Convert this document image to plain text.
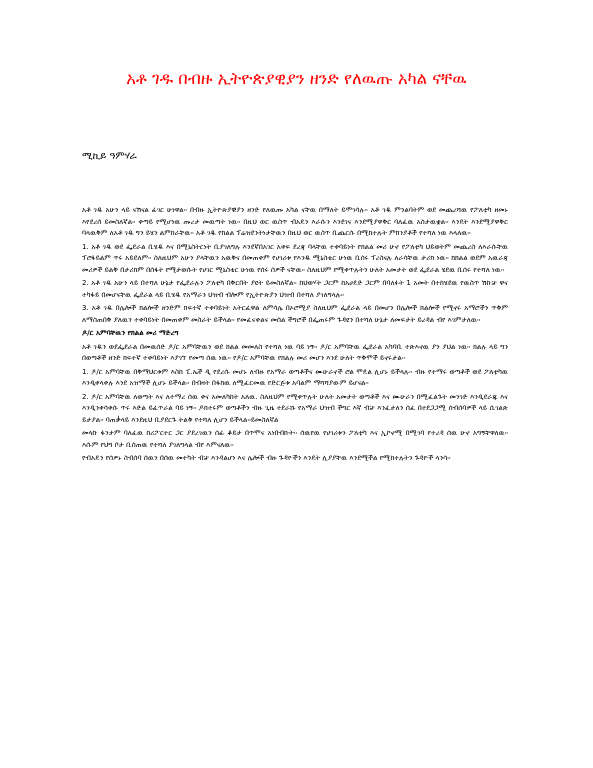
አቶ ገዱ በብዙ ኢትዮጵያዊያን ዘንድ የለዉጡ አካል ናቸዉ
ሚኪይ ዓምሃራ

አቶ ገዱ አሁን ላይ ናሽናል ፊገር ሁነዋል፡፡ በብዙ ኢትዮጵያዊያን ዘንድ የለዉጡ አካል ናቸዉ በማለት ይሞገሳሉ፡፡ አቶ ገዱ ምንልባትም ወደ መጨረሻዉ የፖለቲካ ዘመኑ እየደረሰ ይመስለኛል፡፡ ቀጣይ የሚሆነዉ ጡረታ መዉጣት ነዉ፡፡ በዚህ ወር ዉስጥ ብአዴን እራሱን እንደገና እንደሚያዋቅር ባለፈዉ አስታዉቋል፡፡ እንዴት እንደሚያዋቅር ባላዉቅም ለአቶ ገዱ ግን ይሄን ልምከራቸዉ፡፡ አቶ ገዱ የክልል ፕሬዝደንትነታቸዉን በዚህ ወር ዉስጥ ቢጨርሱ በሚከተሉት ምክንያቶች የተሻለ ነዉ እላለዉ፡፡

1. አቶ ገዱ ወደ ፌደራል ቢሄዱ እና በሚኒስትርነት ቢያገለግሉ እንደኛበአገር አቀፍ ደረጃ ባላቸዉ ተቀባይነት የክልል መሪ ሁኖ የፖለቲካ ህይወትም መጨረስ ለእራሱቸዉ ፕሮፋይልም ጥሩ አይደለም፡፡ ስለዚህም አሁን ያላቸዉን አዉቅና በመጠቀም የሀገሪቱ የእንዱ ሚኒስቴር ሁነዉ ቢሰሩ ፕረስናሉ ለራሳቸዉ ታሪክ ነዉ፡፡ ክክልል ወደም አዉራጃ መሪዎች ይልቅ በታሪክም በሰፋት የሚታወሱት የሀገር ሚኒስቴር ሁነዉ የሰሩ ሰዎች ናቸዉ፡፡ ስለዚህም የሚቀጥሉትን ሁለት አመታት ወደ ፌደራል ሄደዉ ቢሰሩ የተሻለ ነዉ፡፡

2. አቶ ገዱ አሁን ላይ በተሻለ ሁኔታ የፌደራሉን ፖለቲካ በቅርበት ያዩት ይመስለኛል፡፡ ከህወሃት ጋርም ከአሀዴድ ጋርም በባለፉት 1 አመት በተከሄደዉ የዉስጥ ሽኩቻ ዋና ተካፋይ በመሆናቸዉ ፌደራል ላይ ቢሄዱ የአማራን ህዝብ ብሎም የኢትዮጵያን ህዝብ በተሻለ ያገለግላሉ፡፡

3. አቶ ገዱ በሌሎች ክልሎች ዘንድም ክፍተኛ ተቀባይነት አትርፈዋል ለምሳሌ በኦሮሚያ ስለዚህም ፌደራል ላይ በመሆን በሌሎች ክልሎች የሚኖሩ አማሮችን ጥቅም ለማስጠበቅ ያለዉን ተቀባይነት በመጠቀም መስራት ይችላል፡፡ የመፈናቀልና መሰል ችግሮች በፌጠሩም ጉዳዩን በተሻለ ሁኔታ ለመፍታት ይረዳል ብየ እገምታለዉ፡፡

ዶ/ር አምባቸዉን የክልል መሪ ማድረግ

አቶ ገዱን ወደፌደራል በመዉሰድ ዶ/ር አምባቸዉን ወደ ክልል መመለስ የተሻለ ነዉ ባይ ነኝ፡፡ ዶ/ር አምባቸዉ ፌደራል አካባቢ ተጽእኖዉ ያን ያህል ነዉ፡፡ ክልሉ ላይ ግን በወጣቶች ዘንድ ክፍተኛ ተቀባይነት እያገኘ የመጣ ሰዉ ነዉ፡፡ የዶ/ር አምባቸዉ የክልሉ መሪ መሆን እንደ ሁለት ጥቅሞች ይኖሩታል፡፡

1. ዶ/ር አምባቸዉ በቅማህርቱም እስከ ፒ.ኤች ዲ የደረሱ መሆኑ ለብዙ የአማራ ወጣቶችና ሙሁራኖች ሮል ሞዴል ሊሆኑ ይችላሉ፡፡ ብዙ የተማሩ ወጣቶች ወደ ፖለቲካዉ እንዲቀላቀሉ እንደ አዝማች ሊሆኑ ይችላል፡፡ በብዛት በፋክዉ ለሚፈርመዉ የድርጅቱ አባልም ማሻሻያውም ይሆናል፡፡

2. ዶ/ር አምባቸዉ ለወጣት እና ለተማረ ሰዉ ቀና አመለካከት አለዉ. ስለዚህም የሚቀጥሉት ሁለት አመታት ወጣቶች እና ሙሁራን በሚፈልጉት መንገድ እንዲደራጁ እና እንዲንቀሳቀሱ ጥሩ እድል ይፈጥራል ባይ ነኝ፡፡ ዶክተሩም ወጣቶችን ብዙ ጊዜ ተደራሹ የአማራ ህዝብ ችግር እኛ ብቻ እንፈታለን ሰፈ በተደጋጋሚ ሰብሰባዎች ላይ ሲገልጽ ይታያል፡፡ ባጠቃላይ እንደዚህ ቢያደርጉ ትልቅ የተሻለ ሊሆን ይችላል፡፡ይመስለኛል

መላኩ ፋንታም ባለፈዉ ከሪፖርተር ጋር ያደረገዉን ሰፊ ቆይታ በጥሞና አነበብኩት፡፡ ሰዉየዉ የሀገሪቱን ፖለቲካ እና ኢኮኖሚ በሚገባ የተረዳ ሰዉ ሁኖ አግኝቸዋለዉ፡፡ እሱም የህግ ቦታ ቢሰጠዉ የተሻለ ያገለግላል ብየ እምናለዉ፡፡

የብአዴን የሰዎኑ ስብሰባ ሰዉን በሰዉ መተካት ብቻ እንዳልሆነ እና ሌሎች ብዙ ጉዳዮችን እንዴት ሊያያቸዉ እንደሚችል የሚከተሉትን ጉዳዮች ላንሳ፡፡
